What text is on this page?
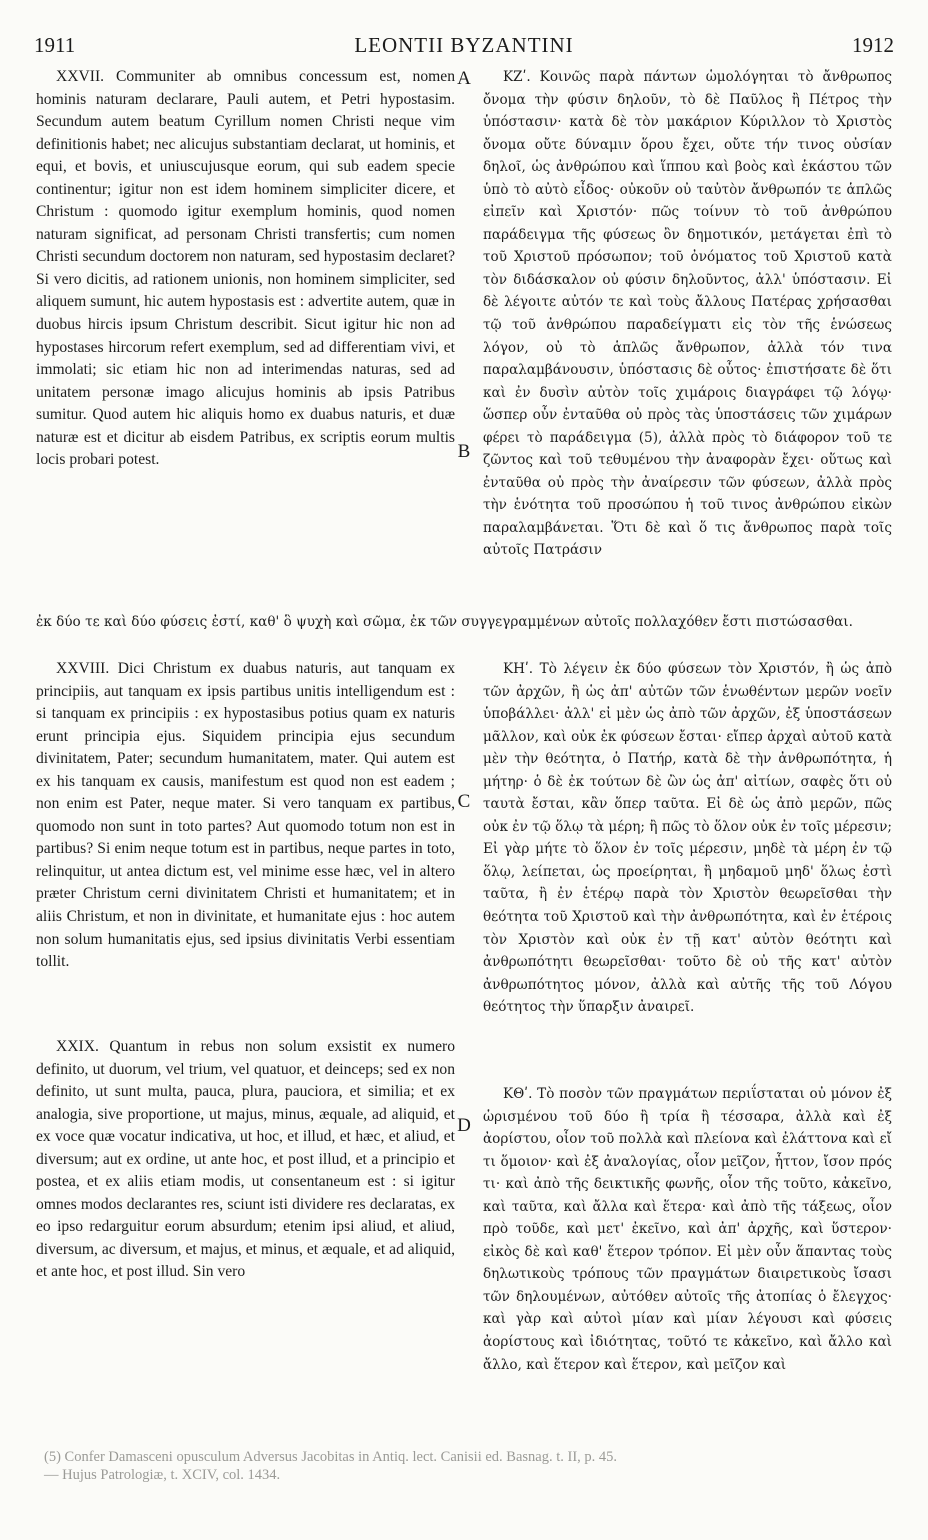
1911	LEONTII BYZANTINI	1912

XXVII. Communiter ab omnibus concessum est, nomen hominis naturam declarare, Pauli autem, et Petri hypostasim. Secundum autem beatum Cyrillum nomen Christi neque vim definitionis habet; nec alicujus substantiam declarat, ut hominis, et equi, et bovis, et uniuscujusque eorum, qui sub eadem specie continentur; igitur non est idem hominem simpliciter dicere, et Christum : quomodo igitur exemplum hominis, quod nomen naturam significat, ad personam Christi transfertis; cum nomen Christi secundum doctorem non naturam, sed hypostasim declaret? Si vero dicitis, ad rationem unionis, non hominem simpliciter, sed aliquem sumunt, hic autem hypostasis est : advertite autem, quæ in duobus hircis ipsum Christum describit. Sicut igitur hic non ad hypostases hircorum refert exemplum, sed ad differentiam vivi, et immolati; sic etiam hic non ad interimendas naturas, sed ad unitatem personæ imago alicujus hominis ab ipsis Patribus sumitur. Quod autem hic aliquis homo ex duabus naturis, et duæ naturæ est et dicitur ab eisdem Patribus, ex scriptis eorum multis locis probari potest.

ΚΖʹ. Κοινῶς παρὰ πάντων ὡμολόγηται τὸ ἄνθρωπος ὄνομα τὴν φύσιν δηλοῦν, τὸ δὲ Παῦλος ἢ Πέτρος τὴν ὑπόστασιν· κατὰ δὲ τὸν μακάριον Κύριλλον τὸ Χριστὸς ὄνομα οὔτε δύναμιν ὅρου ἔχει, οὔτε τήν τινος οὐσίαν δηλοῖ, ὡς ἀνθρώπου καὶ ἵππου καὶ βοὸς καὶ ἑκάστου τῶν ὑπὸ τὸ αὐτὸ εἶδος· οὐκοῦν οὐ ταὐτὸν ἄνθρωπόν τε ἁπλῶς εἰπεῖν καὶ Χριστόν· πῶς τοίνυν τὸ τοῦ ἀνθρώπου παράδειγμα τῆς φύσεως ὂν δημοτικόν, μετάγεται ἐπὶ τὸ τοῦ Χριστοῦ πρόσωπον; τοῦ ὀνόματος τοῦ Χριστοῦ κατὰ τὸν διδάσκαλον οὐ φύσιν δηλοῦντος, ἀλλ' ὑπόστασιν. Εἰ δὲ λέγοιτε αὐτόν τε καὶ τοὺς ἄλλους Πατέρας χρήσασθαι τῷ τοῦ ἀνθρώπου παραδείγματι εἰς τὸν τῆς ἑνώσεως λόγον, οὐ τὸ ἁπλῶς ἄνθρωπον, ἀλλὰ τόν τινα παραλαμβάνουσιν, ὑπόστασις δὲ οὗτος· ἐπιστήσατε δὲ ὅτι καὶ ἐν δυσὶν αὐτὸν τοῖς χιμάροις διαγράφει τῷ λόγῳ· ὥσπερ οὖν ἐνταῦθα οὐ πρὸς τὰς ὑποστάσεις τῶν χιμάρων φέρει τὸ παράδειγμα (5), ἀλλὰ πρὸς τὸ διάφορον τοῦ τε ζῶντος καὶ τοῦ τεθυμένου τὴν ἀναφορὰν ἔχει· οὕτως καὶ ἐνταῦθα οὐ πρὸς τὴν ἀναίρεσιν τῶν φύσεων, ἀλλὰ πρὸς τὴν ἑνότητα τοῦ προσώπου ἡ τοῦ τινος ἀνθρώπου εἰκὼν παραλαμβάνεται. Ὅτι δὲ καὶ ὅ τις ἄνθρωπος παρὰ τοῖς αὐτοῖς Πατράσιν

ἐκ δύο τε καὶ δύο φύσεις ἐστί, καθ' ὃ ψυχὴ καὶ σῶμα, ἐκ τῶν συγγεγραμμένων αὐτοῖς πολλαχόθεν ἔστι πιστώσασθαι.

XXVIII. Dici Christum ex duabus naturis, aut tanquam ex principiis, aut tanquam ex ipsis partibus unitis intelligendum est : si tanquam ex principiis : ex hypostasibus potius quam ex naturis erunt principia ejus. Siquidem principia ejus secundum divinitatem, Pater; secundum humanitatem, mater. Qui autem est ex his tanquam ex causis, manifestum est quod non est eadem ; non enim est Pater, neque mater. Si vero tanquam ex partibus, quomodo non sunt in toto partes? Aut quomodo totum non est in partibus? Si enim neque totum est in partibus, neque partes in toto, relinquitur, ut antea dictum est, vel minime esse hæc, vel in altero præter Christum cerni divinitatem Christi et humanitatem; et in aliis Christum, et non in divinitate, et humanitate ejus : hoc autem non solum humanitatis ejus, sed ipsius divinitatis Verbi essentiam tollit.

ΚΗʹ. Τὸ λέγειν ἐκ δύο φύσεων τὸν Χριστόν, ἢ ὡς ἀπὸ τῶν ἀρχῶν, ἢ ὡς ἀπ' αὐτῶν τῶν ἑνωθέντων μερῶν νοεῖν ὑποβάλλει· ἀλλ' εἰ μὲν ὡς ἀπὸ τῶν ἀρχῶν, ἐξ ὑποστάσεων μᾶλλον, καὶ οὐκ ἐκ φύσεων ἔσται· εἴπερ ἀρχαὶ αὐτοῦ κατὰ μὲν τὴν θεότητα, ὁ Πατήρ, κατὰ δὲ τὴν ἀνθρωπότητα, ἡ μήτηρ· ὁ δὲ ἐκ τούτων δὲ ὢν ὡς ἀπ' αἰτίων, σαφὲς ὅτι οὐ ταυτὰ ἔσται, κἂν ὅπερ ταῦτα. Εἰ δὲ ὡς ἀπὸ μερῶν, πῶς οὐκ ἐν τῷ ὅλῳ τὰ μέρη; ἢ πῶς τὸ ὅλον οὐκ ἐν τοῖς μέρεσιν; Εἰ γὰρ μήτε τὸ ὅλον ἐν τοῖς μέρεσιν, μηδὲ τὰ μέρη ἐν τῷ ὅλῳ, λείπεται, ὡς προείρηται, ἢ μηδαμοῦ μηδ' ὅλως ἐστὶ ταῦτα, ἢ ἐν ἑτέρῳ παρὰ τὸν Χριστὸν θεωρεῖσθαι τὴν θεότητα τοῦ Χριστοῦ καὶ τὴν ἀνθρωπότητα, καὶ ἐν ἑτέροις τὸν Χριστὸν καὶ οὐκ ἐν τῇ κατ' αὐτὸν θεότητι καὶ ἀνθρωπότητι θεωρεῖσθαι· τοῦτο δὲ οὐ τῆς κατ' αὐτὸν ἀνθρωπότητος μόνον, ἀλλὰ καὶ αὐτῆς τῆς τοῦ Λόγου θεότητος τὴν ὕπαρξιν ἀναιρεῖ.

XXIX. Quantum in rebus non solum exsistit ex numero definito, ut duorum, vel trium, vel quatuor, et deinceps; sed ex non definito, ut sunt multa, pauca, plura, pauciora, et similia; et ex analogia, sive proportione, ut majus, minus, æquale, ad aliquid, et ex voce quæ vocatur indicativa, ut hoc, et illud, et hæc, et aliud, et diversum; aut ex ordine, ut ante hoc, et post illud, et a principio et postea, et ex aliis etiam modis, ut consentaneum est : si igitur omnes modos declarantes res, sciunt isti dividere res declaratas, ex eo ipso redarguitur eorum absurdum; etenim ipsi aliud, et aliud, diversum, ac diversum, et majus, et minus, et æquale, et ad aliquid, et ante hoc, et post illud. Sin vero

ΚΘʹ. Τὸ ποσὸν τῶν πραγμάτων περιΐσταται οὐ μόνον ἐξ ὡρισμένου τοῦ δύο ἢ τρία ἢ τέσσαρα, ἀλλὰ καὶ ἐξ ἀορίστου, οἷον τοῦ πολλὰ καὶ πλείονα καὶ ἐλάττονα καὶ εἴ τι ὅμοιον· καὶ ἐξ ἀναλογίας, οἷον μεῖζον, ἧττον, ἴσον πρός τι· καὶ ἀπὸ τῆς δεικτικῆς φωνῆς, οἷον τῆς τοῦτο, κἀκεῖνο, καὶ ταῦτα, καὶ ἄλλα καὶ ἕτερα· καὶ ἀπὸ τῆς τάξεως, οἷον πρὸ τοῦδε, καὶ μετ' ἐκεῖνο, καὶ ἀπ' ἀρχῆς, καὶ ὕστερον· εἰκὸς δὲ καὶ καθ' ἕτερον τρόπον. Εἰ μὲν οὖν ἅπαντας τοὺς δηλωτικοὺς τρόπους τῶν πραγμάτων διαιρετικοὺς ἴσασι τῶν δηλουμένων, αὐτόθεν αὐτοῖς τῆς ἀτοπίας ὁ ἔλεγχος· καὶ γὰρ καὶ αὐτοὶ μίαν καὶ μίαν λέγουσι καὶ φύσεις ἀορίστους καὶ ἰδιότητας, τοῦτό τε κἀκεῖνο, καὶ ἄλλο καὶ ἄλλο, καὶ ἕτερον καὶ ἕτερον, καὶ μεῖζον καὶ

A
B
C
D
(5) Confer Damasceni opusculum Adversus Jacobitas in Antiq. lect. Canisii ed. Basnag. t. II, p. 45.
— Hujus Patrologiæ, t. XCIV, col. 1434.
